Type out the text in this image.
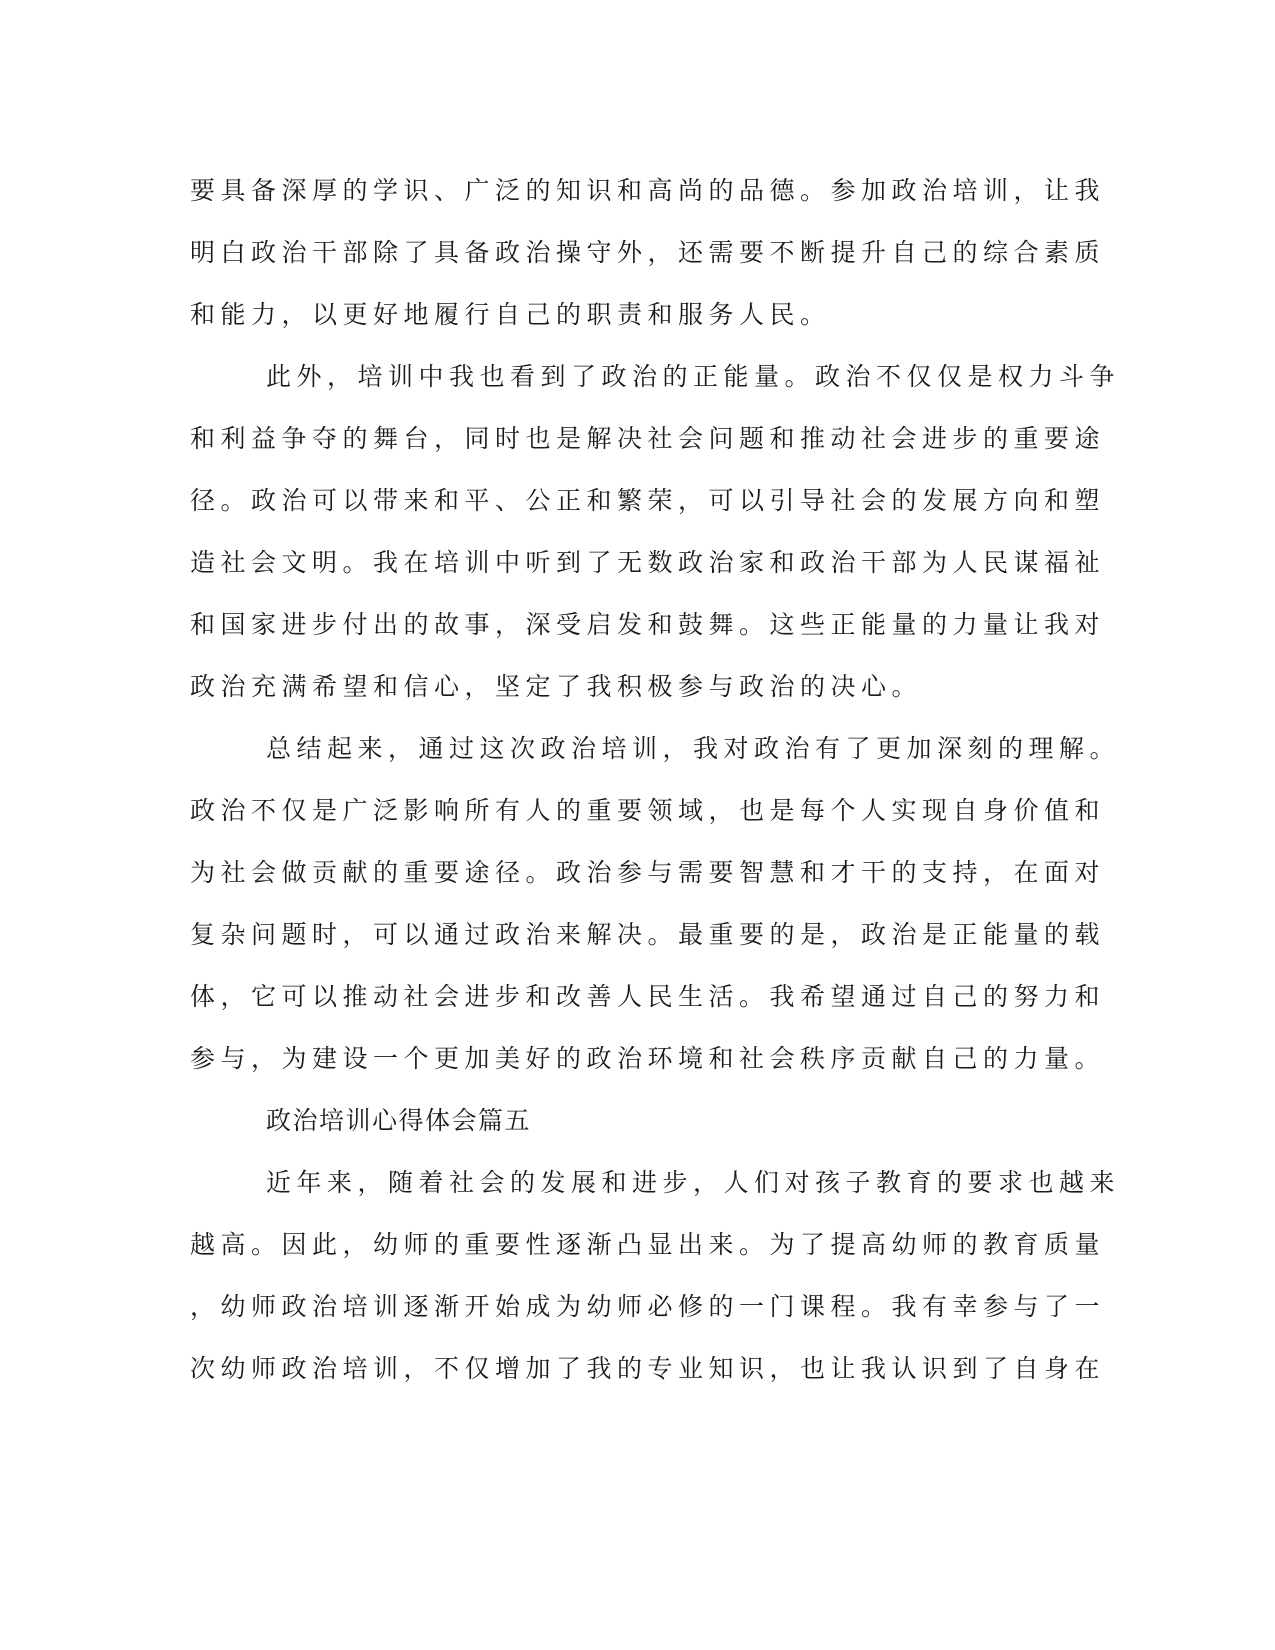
要具备深厚的学识、广泛的知识和高尚的品德。参加政治培训，让我
明白政治干部除了具备政治操守外，还需要不断提升自己的综合素质
和能力，以更好地履行自己的职责和服务人民。
此外，培训中我也看到了政治的正能量。政治不仅仅是权力斗争
和利益争夺的舞台，同时也是解决社会问题和推动社会进步的重要途
径。政治可以带来和平、公正和繁荣，可以引导社会的发展方向和塑
造社会文明。我在培训中听到了无数政治家和政治干部为人民谋福祉
和国家进步付出的故事，深受启发和鼓舞。这些正能量的力量让我对
政治充满希望和信心，坚定了我积极参与政治的决心。
总结起来，通过这次政治培训，我对政治有了更加深刻的理解。
政治不仅是广泛影响所有人的重要领域，也是每个人实现自身价值和
为社会做贡献的重要途径。政治参与需要智慧和才干的支持，在面对
复杂问题时，可以通过政治来解决。最重要的是，政治是正能量的载
体，它可以推动社会进步和改善人民生活。我希望通过自己的努力和
参与，为建设一个更加美好的政治环境和社会秩序贡献自己的力量。
政治培训心得体会篇五
近年来，随着社会的发展和进步，人们对孩子教育的要求也越来
越高。因此，幼师的重要性逐渐凸显出来。为了提高幼师的教育质量
，幼师政治培训逐渐开始成为幼师必修的一门课程。我有幸参与了一
次幼师政治培训，不仅增加了我的专业知识，也让我认识到了自身在
